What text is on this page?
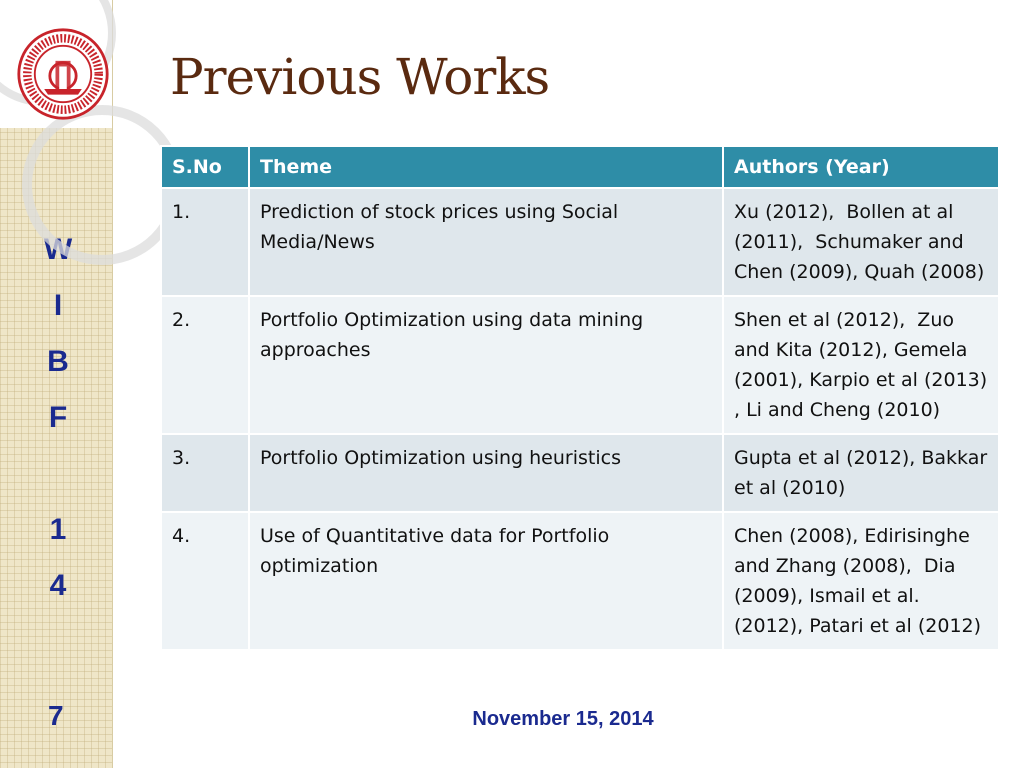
W
I
B
F
1
4
7
Previous Works
S.No	Theme	Authors (Year)
1.	Prediction of stock prices using Social Media/News	Xu (2012),  Bollen at al (2011),  Schumaker and Chen (2009), Quah (2008)
2.	Portfolio Optimization using data mining approaches	Shen et al (2012),  Zuo and Kita (2012), Gemela (2001), Karpio et al (2013) , Li and Cheng (2010)
3.	Portfolio Optimization using heuristics	Gupta et al (2012), Bakkar et al (2010)
4.	Use of Quantitative data for Portfolio optimization	Chen (2008), Edirisinghe and Zhang (2008),  Dia (2009), Ismail et al. (2012), Patari et al (2012)
November 15, 2014
